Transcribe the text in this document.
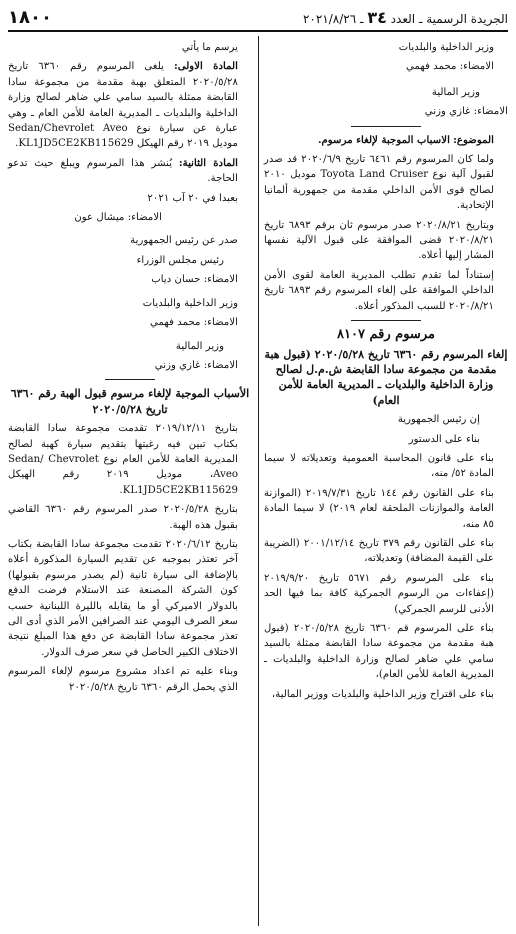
١٨٠٠	الجريدة الرسمية ـ العدد ٣٤ ـ ٢٠٢١/٨/٢٦

وزير الداخلية والبلديات

الامضاء: محمد فهمي

وزير المالية

الامضاء: غازي وزني

الموضوع: الاسباب الموجبة لإلغاء مرسوم.

ولما كان المرسوم رقم ٦٤٦١ تاريخ ٢٠٢٠/٦/٩ قد صدر لقبول آلية نوع Toyota Land Cruiser موديل ٢٠١٠ لصالح قوى الأمن الداخلي مقدمة من جمهورية ألمانيا الإتحادية.

وبتاريخ ٢٠٢٠/٨/٢١ صدر مرسوم ثان برقم ٦٨٩٣ تاريخ ٢٠٢٠/٨/٢١ قضى الموافقة على قبول الآلية نفسها المشار إليها أعلاه.

إستناداً لما تقدم تطلب المديرية العامة لقوى الأمن الداخلي الموافقة على إلغاء المرسوم رقم ٦٨٩٣ تاريخ ٢٠٢٠/٨/٢١ للسبب المذكور أعلاه.

مرسوم رقم ٨١٠٧

إلغاء المرسوم رقم ٦٣٦٠ تاريخ ٢٠٢٠/٥/٢٨ (قبول هبة مقدمة من مجموعة سادا القابضة ش.م.ل لصالح وزارة الداخلية والبلديات ـ المديرية العامة للأمن العام)

إن رئيس الجمهورية

بناء على الدستور

بناء على قانون المحاسبة العمومية وتعديلاته لا سيما المادة ٥٢/ منه،

بناء على القانون رقم ١٤٤ تاريخ ٢٠١٩/٧/٣١ (الموازنة العامة والموازنات الملحقة لعام ٢٠١٩) لا سيما المادة ٨٥ منه،

بناء على القانون رقم ٣٧٩ تاريخ ٢٠٠١/١٢/١٤ (الضريبة على القيمة المضافة) وتعديلاته،

بناء على المرسوم رقم ٥٦٧١ تاريخ ٢٠١٩/٩/٢٠ (إعفاءات من الرسوم الجمركية كافة بما فيها الحد الأدنى للرسم الجمركي)

بناء على المرسوم قم ٦٣٦٠ تاريخ ٢٠٢٠/٥/٢٨ (قبول هبة مقدمة من مجموعة سادا القابضة ممثلة بالسيد سامي علي ضاهر لصالح وزارة الداخلية والبلديات ـ المديرية العامة للأمن العام)،

بناء على اقتراح وزير الداخلية والبلديات ووزير المالية،

يرسم ما يأتي

المادة الاولى: يلغى المرسوم رقم ٦٣٦٠ تاريخ ٢٠٢٠/٥/٢٨ المتعلق بهبة مقدمة من مجموعة سادا القابضة ممثلة بالسيد سامي علي ضاهر لصالح وزارة الداخلية والبلديات ـ المديرية العامة للأمن العام ـ وهي عبارة عن سيارة نوع Sedan/Chevrolet Aveo موديل ٢٠١٩ رقم الهيكل KL1JD5CE2KB115629.

المادة الثانية: يُنشر هذا المرسوم ويبلغ حيث تدعو الحاجة.

بعبدا في ٢٠ آب ٢٠٢١

الامضاء: ميشال عون

صدر عن رئيس الجمهورية

رئيس مجلس الوزراء

الامضاء: حسان دياب

وزير الداخلية والبلديات

الامضاء: محمد فهمي

وزير المالية

الامضاء: غازي وزني

الأسباب الموجبة لإلغاء مرسوم قبول الهبة رقم ٦٣٦٠ تاريخ ٢٠٢٠/٥/٢٨

بتاريخ ٢٠١٩/١٢/١١ تقدمت مجموعة سادا القابضة بكتاب تبين فيه رغبتها بتقديم سيارة كهبة لصالح المديرية العامة للأمن العام نوع Sedan/ Chevrolet Aveo، موديل ٢٠١٩ رقم الهيكل KL1JD5CE2KB115629.

بتاريخ ٢٠٢٠/٥/٢٨ صدر المرسوم رقم ٦٣٦٠ القاضي بقبول هذه الهبة.

بتاريخ ٢٠٢٠/٦/١٢ تقدمت مجموعة سادا القابضة بكتاب آخر تعتذر بموجبه عن تقديم السيارة المذكورة أعلاه بالإضافة الى سيارة ثانية (لم يصدر مرسوم بقبولها) كون الشركة المصنعة عند الاستلام فرضت الدفع بالدولار الاميركي أو ما يقابله بالليرة اللبنانية حسب سعر الصرف اليومي عند الصرافين الأمر الذي أدى الى تعذر مجموعة سادا القابضة عن دفع هذا المبلغ نتيجة الاختلاف الكبير الحاصل في سعر صرف الدولار.

وبناء عليه تم اعداد مشروع مرسوم لإلغاء المرسوم الذي يحمل الرقم ٦٣٦٠ تاريخ ٢٠٢٠/٥/٢٨
